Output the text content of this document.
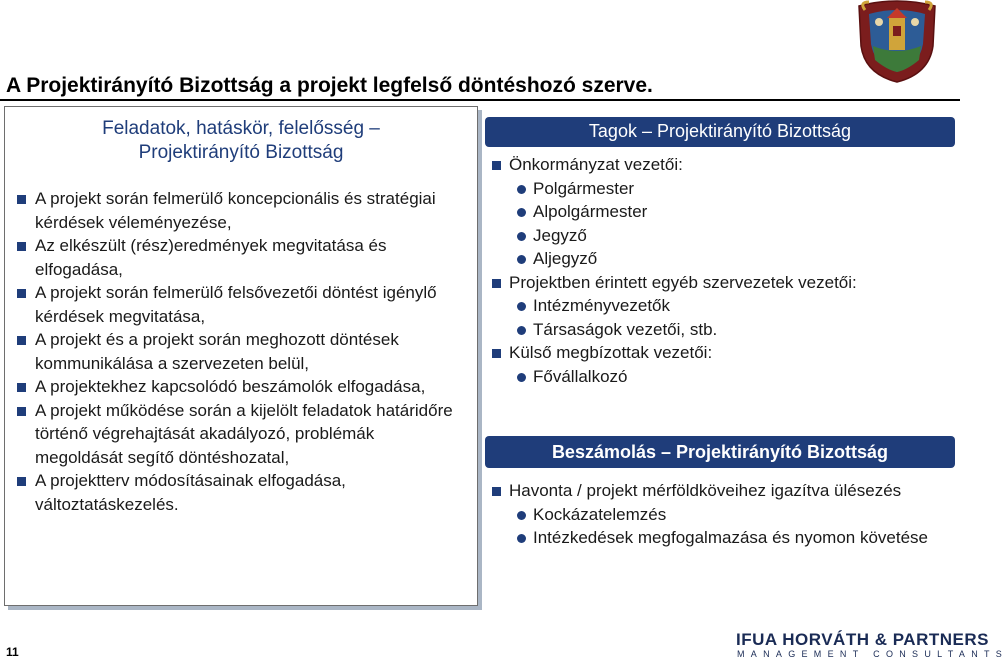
A Projektirányító Bizottság a projekt legfelső döntéshozó szerve.
Feladatok, hatáskör, felelősség –
Projektirányító Bizottság
A projekt során felmerülő koncepcionális és stratégiai kérdések véleményezése,
Az elkészült (rész)eredmények megvitatása és elfogadása,
A projekt során felmerülő felsővezetői döntést igénylő kérdések megvitatása,
A projekt és a projekt során meghozott döntések kommunikálása a szervezeten belül,
A projektekhez kapcsolódó beszámolók elfogadása,
A projekt működése során a kijelölt feladatok határidőre történő végrehajtását akadályozó, problémák megoldását segítő döntéshozatal,
A projektterv módosításainak elfogadása, változtatáskezelés.
Tagok – Projektirányító Bizottság
Önkormányzat vezetői:
Polgármester
Alpolgármester
Jegyző
Aljegyző
Projektben érintett egyéb szervezetek vezetői:
Intézményvezetők
Társaságok vezetői, stb.
Külső megbízottak vezetői:
Fővállalkozó
Beszámolás – Projektirányító Bizottság
Havonta / projekt mérföldköveihez igazítva ülésezés
Kockázatelemzés
Intézkedések megfogalmazása és nyomon követése
11
IFUA HORVÁTH & PARTNERS
MANAGEMENT CONSULTANTS
